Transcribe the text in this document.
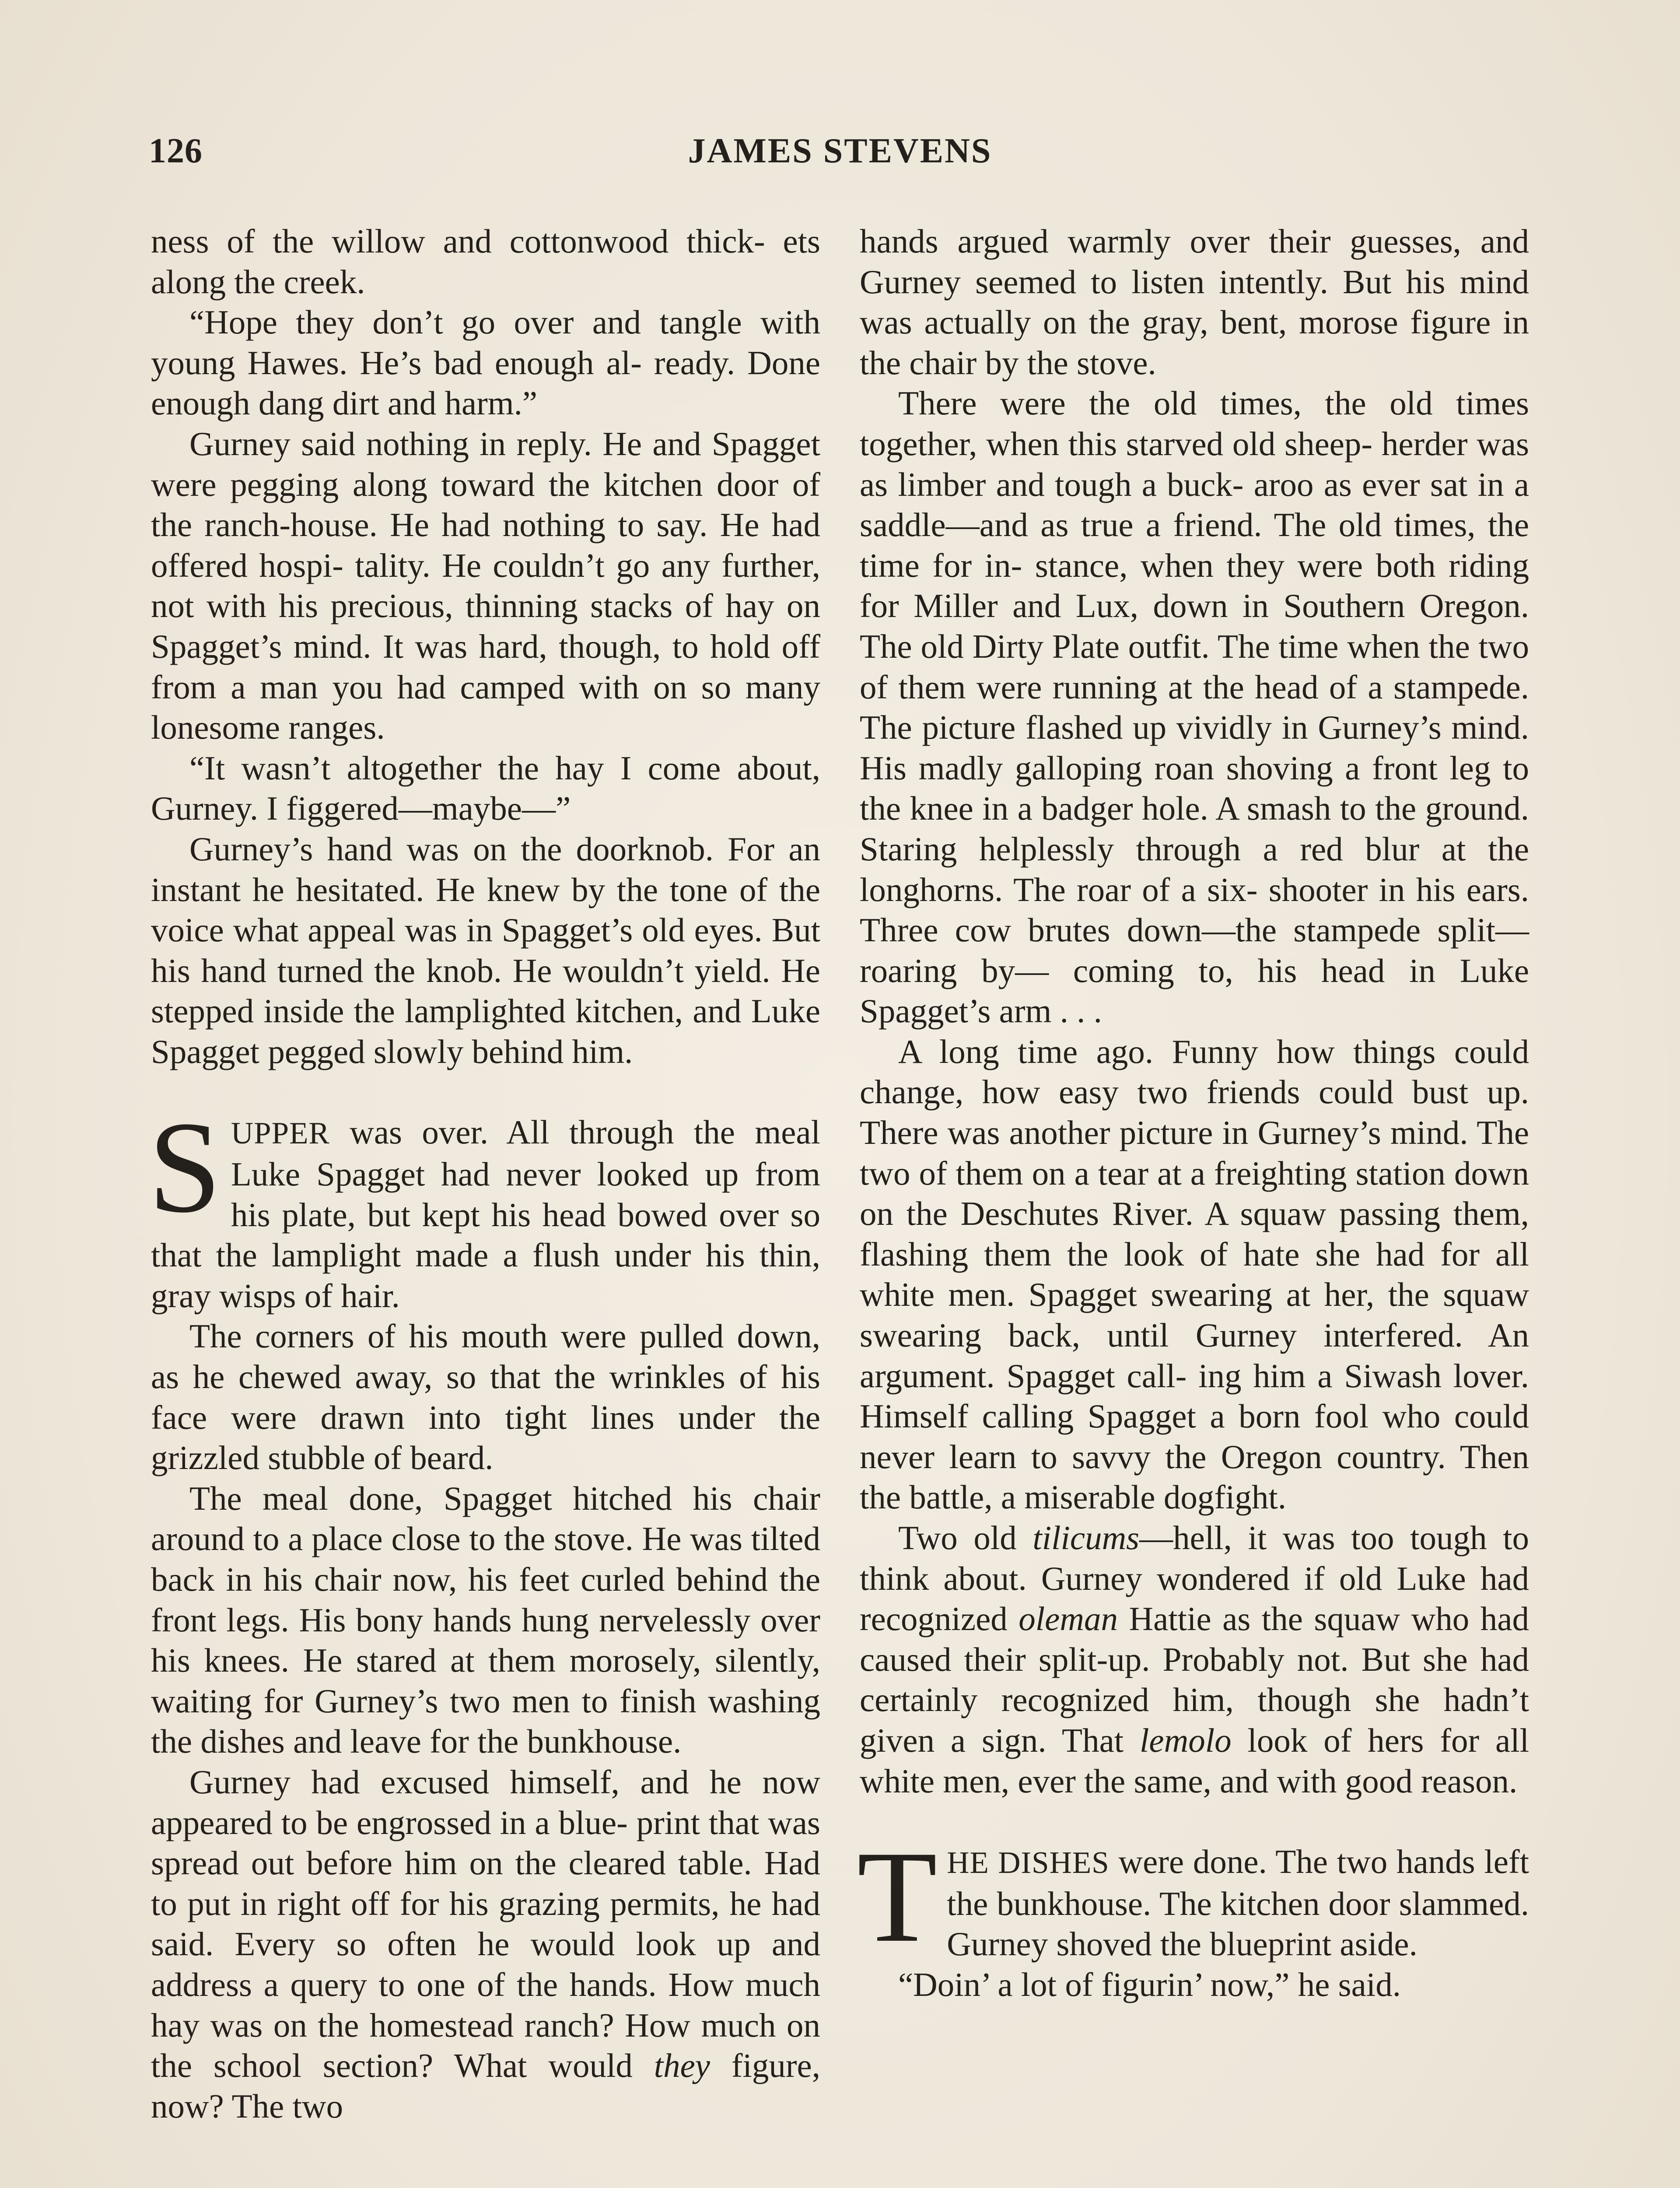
126	JAMES STEVENS

ness of the willow and cottonwood thick- ets along the creek.

“Hope they don’t go over and tangle with young Hawes. He’s bad enough al- ready. Done enough dang dirt and harm.”

Gurney said nothing in reply. He and Spagget were pegging along toward the kitchen door of the ranch-house. He had nothing to say. He had offered hospi- tality. He couldn’t go any further, not with his precious, thinning stacks of hay on Spagget’s mind. It was hard, though, to hold off from a man you had camped with on so many lonesome ranges.

“It wasn’t altogether the hay I come about, Gurney. I figgered—maybe—”

Gurney’s hand was on the doorknob. For an instant he hesitated. He knew by the tone of the voice what appeal was in Spagget’s old eyes. But his hand turned the knob. He wouldn’t yield. He stepped inside the lamplighted kitchen, and Luke Spagget pegged slowly behind him.

SUPPER was over. All through the meal Luke Spagget had never looked up from his plate, but kept his head bowed over so that the lamplight made a flush under his thin, gray wisps of hair.

The corners of his mouth were pulled down, as he chewed away, so that the wrinkles of his face were drawn into tight lines under the grizzled stubble of beard.

The meal done, Spagget hitched his chair around to a place close to the stove. He was tilted back in his chair now, his feet curled behind the front legs. His bony hands hung nervelessly over his knees. He stared at them morosely, silently, waiting for Gurney’s two men to finish washing the dishes and leave for the bunkhouse.

Gurney had excused himself, and he now appeared to be engrossed in a blue- print that was spread out before him on the cleared table. Had to put in right off for his grazing permits, he had said. Every so often he would look up and address a query to one of the hands. How much hay was on the homestead ranch? How much on the school section? What would they figure, now? The two

hands argued warmly over their guesses, and Gurney seemed to listen intently. But his mind was actually on the gray, bent, morose figure in the chair by the stove.

There were the old times, the old times together, when this starved old sheep- herder was as limber and tough a buck- aroo as ever sat in a saddle—and as true a friend. The old times, the time for in- stance, when they were both riding for Miller and Lux, down in Southern Oregon. The old Dirty Plate outfit. The time when the two of them were running at the head of a stampede. The picture flashed up vividly in Gurney’s mind. His madly galloping roan shoving a front leg to the knee in a badger hole. A smash to the ground. Staring helplessly through a red blur at the longhorns. The roar of a six- shooter in his ears. Three cow brutes down—the stampede split—roaring by— coming to, his head in Luke Spagget’s arm . . .

A long time ago. Funny how things could change, how easy two friends could bust up. There was another picture in Gurney’s mind. The two of them on a tear at a freighting station down on the Deschutes River. A squaw passing them, flashing them the look of hate she had for all white men. Spagget swearing at her, the squaw swearing back, until Gurney interfered. An argument. Spagget call- ing him a Siwash lover. Himself calling Spagget a born fool who could never learn to savvy the Oregon country. Then the battle, a miserable dogfight.

Two old tilicums—hell, it was too tough to think about. Gurney wondered if old Luke had recognized oleman Hattie as the squaw who had caused their split-up. Probably not. But she had certainly recognized him, though she hadn’t given a sign. That lemolo look of hers for all white men, ever the same, and with good reason.

THE DISHES were done. The two hands left the bunkhouse. The kitchen door slammed. Gurney shoved the blueprint aside.

“Doin’ a lot of figurin’ now,” he said.
